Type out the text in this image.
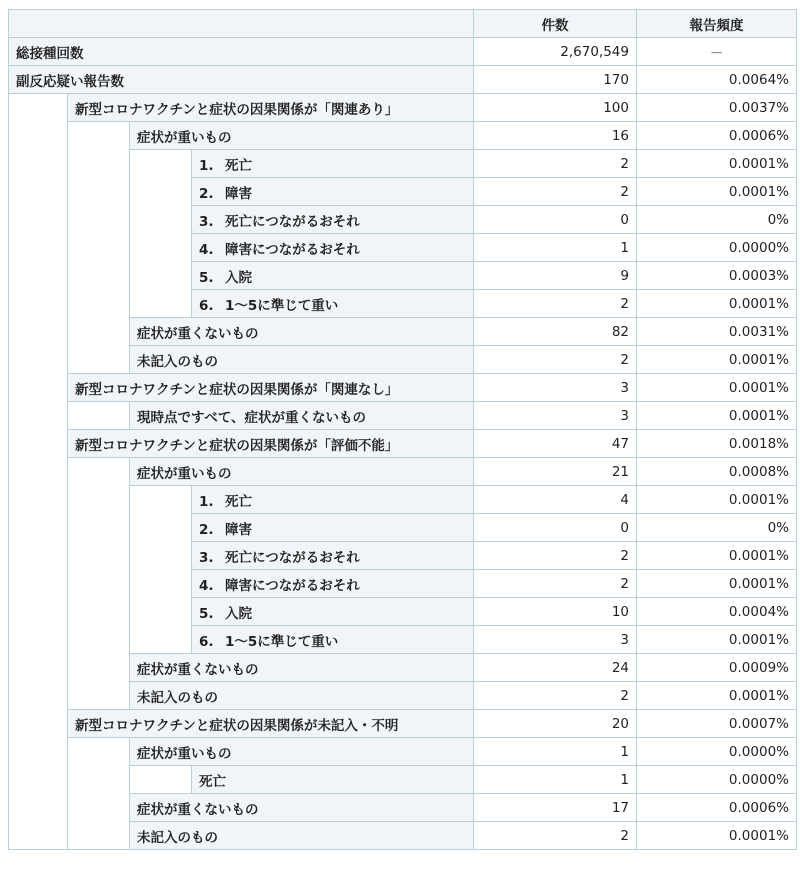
				件数	報告頻度
総接種回数				2,670,549	－
副反応疑い報告数				170	0.0064%
	新型コロナワクチンと症状の因果関係が「関連あり」			100	0.0037%
		症状が重いもの		16	0.0006%
			1. 死亡	2	0.0001%
			2. 障害	2	0.0001%
			3. 死亡につながるおそれ	0	0%
			4. 障害につながるおそれ	1	0.0000%
			5. 入院	9	0.0003%
			6. 1～5に準じて重い	2	0.0001%
		症状が重くないもの		82	0.0031%
		未記入のもの		2	0.0001%
	新型コロナワクチンと症状の因果関係が「関連なし」			3	0.0001%
		現時点ですべて、症状が重くないもの		3	0.0001%
	新型コロナワクチンと症状の因果関係が「評価不能」			47	0.0018%
		症状が重いもの		21	0.0008%
			1. 死亡	4	0.0001%
			2. 障害	0	0%
			3. 死亡につながるおそれ	2	0.0001%
			4. 障害につながるおそれ	2	0.0001%
			5. 入院	10	0.0004%
			6. 1～5に準じて重い	3	0.0001%
		症状が重くないもの		24	0.0009%
		未記入のもの		2	0.0001%
	新型コロナワクチンと症状の因果関係が未記入・不明			20	0.0007%
		症状が重いもの		1	0.0000%
			死亡	1	0.0000%
		症状が重くないもの		17	0.0006%
		未記入のもの		2	0.0001%
